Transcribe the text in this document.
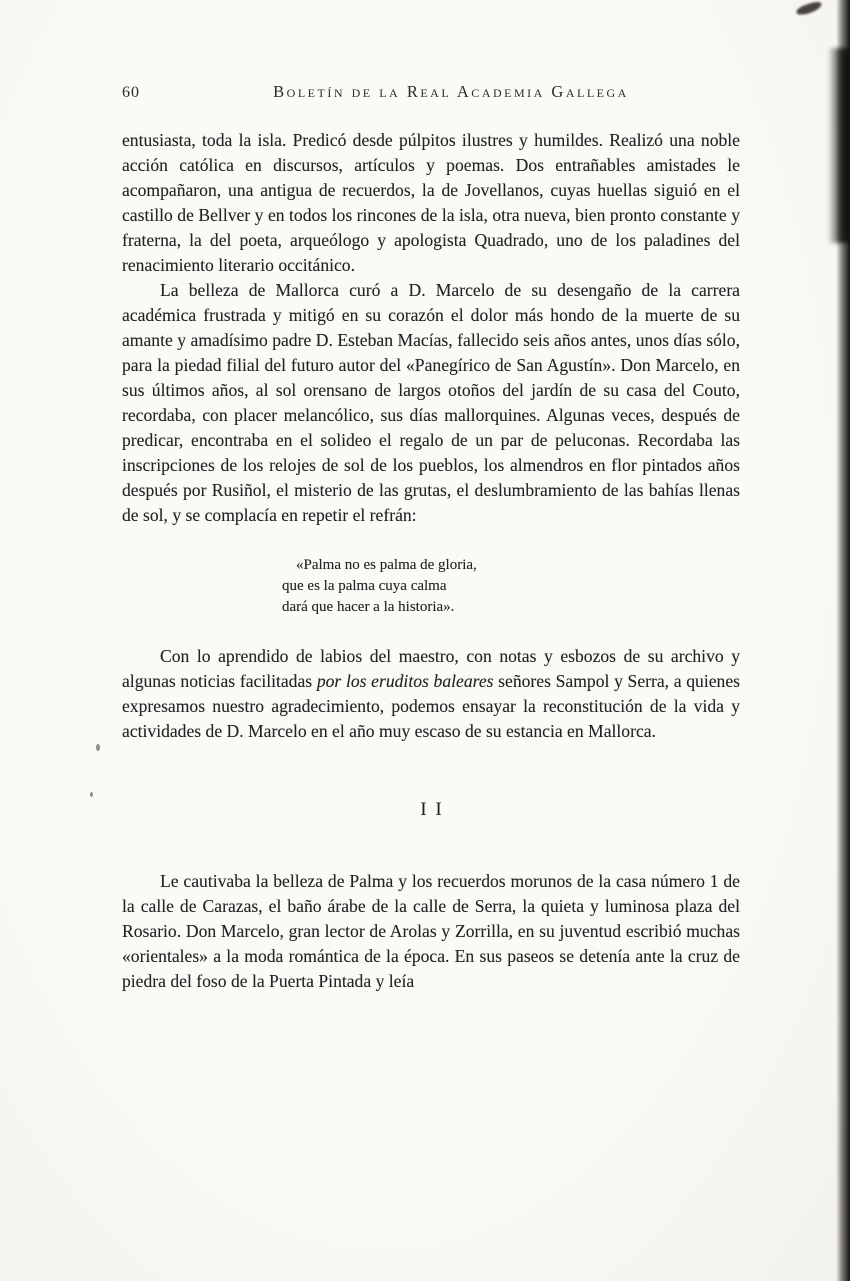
60	Boletín de la Real Academia Gallega

entusiasta, toda la isla. Predicó desde púlpitos ilustres y humildes. Realizó una noble acción católica en discursos, artículos y poemas. Dos entrañables amistades le acompañaron, una antigua de recuerdos, la de Jovellanos, cuyas huellas siguió en el castillo de Bellver y en todos los rincones de la isla, otra nueva, bien pronto constante y fraterna, la del poeta, arqueólogo y apologista Quadrado, uno de los paladines del renacimiento literario occitánico.

La belleza de Mallorca curó a D. Marcelo de su desengaño de la carrera académica frustrada y mitigó en su corazón el dolor más hondo de la muerte de su amante y amadísimo padre D. Esteban Macías, fallecido seis años antes, unos días sólo, para la piedad filial del futuro autor del «Panegírico de San Agustín». Don Marcelo, en sus últimos años, al sol orensano de largos otoños del jardín de su casa del Couto, recordaba, con placer melancólico, sus días mallorquines. Algunas veces, después de predicar, encontraba en el solideo el regalo de un par de peluconas. Recordaba las inscripciones de los relojes de sol de los pueblos, los almendros en flor pintados años después por Rusiñol, el misterio de las grutas, el deslumbramiento de las bahías llenas de sol, y se complacía en repetir el refrán:

«Palma no es palma de gloria,
que es la palma cuya calma
dará que hacer a la historia».

Con lo aprendido de labios del maestro, con notas y esbozos de su archivo y algunas noticias facilitadas por los eruditos baleares señores Sampol y Serra, a quienes expresamos nuestro agradecimiento, podemos ensayar la reconstitución de la vida y actividades de D. Marcelo en el año muy escaso de su estancia en Mallorca.

II

Le cautivaba la belleza de Palma y los recuerdos morunos de la casa número 1 de la calle de Carazas, el baño árabe de la calle de Serra, la quieta y luminosa plaza del Rosario. Don Marcelo, gran lector de Arolas y Zorrilla, en su juventud escribió muchas «orientales» a la moda romántica de la época. En sus paseos se detenía ante la cruz de piedra del foso de la Puerta Pintada y leía
